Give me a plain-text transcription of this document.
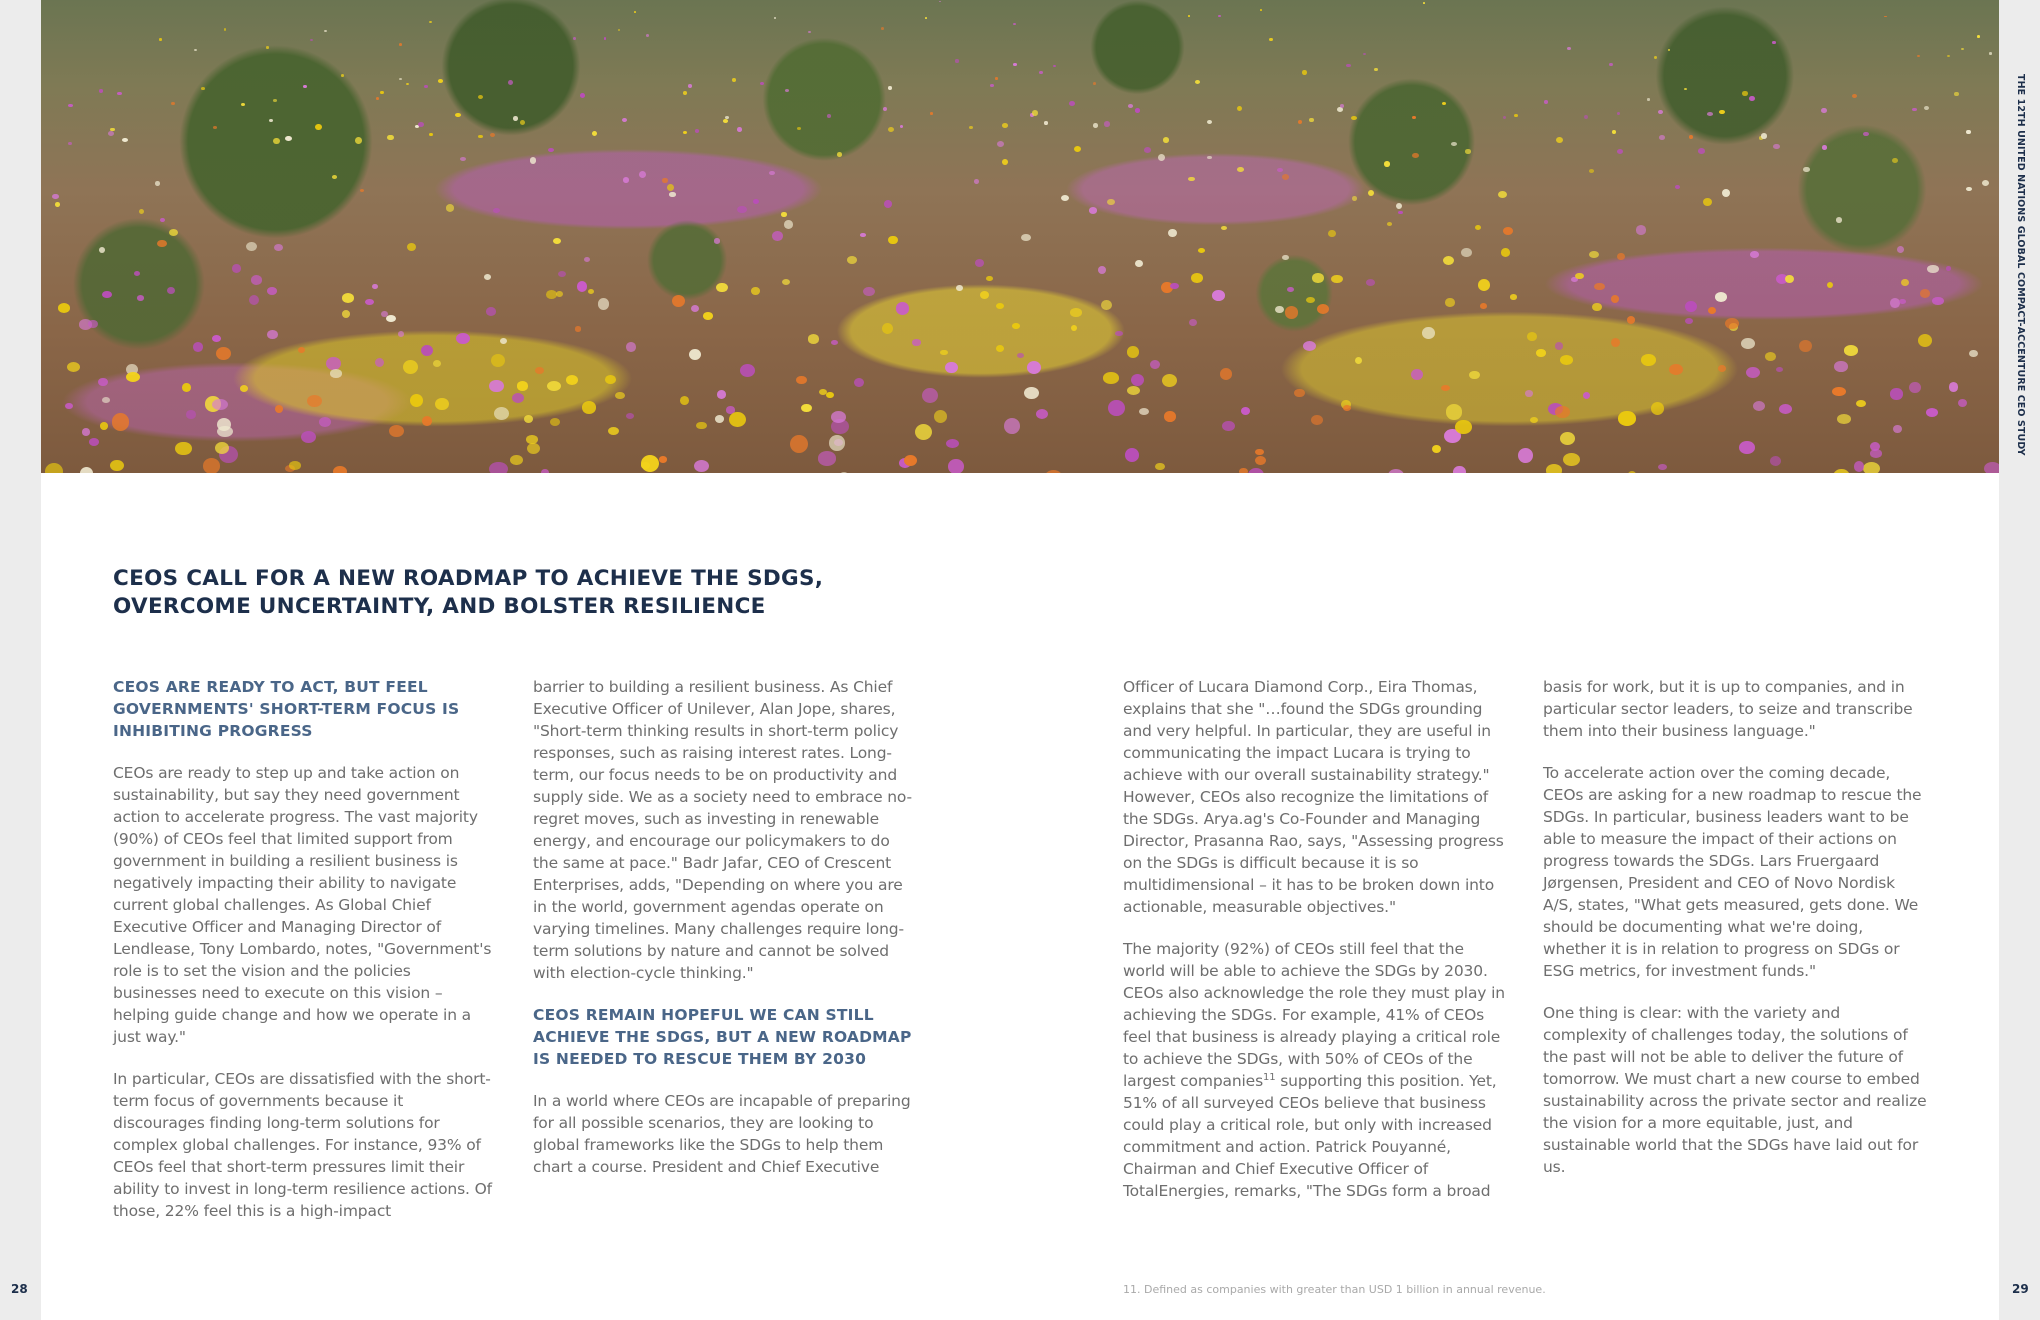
CEOS CALL FOR A NEW ROADMAP TO ACHIEVE THE SDGS,
OVERCOME UNCERTAINTY, AND BOLSTER RESILIENCE
CEOS ARE READY TO ACT, BUT FEEL GOVERNMENTS' SHORT-TERM FOCUS IS INHIBITING PROGRESS

CEOs are ready to step up and take action on sustainability, but say they need government action to accelerate progress. The vast majority (90%) of CEOs feel that limited support from government in building a resilient business is negatively impacting their ability to navigate current global challenges. As Global Chief Executive Officer and Managing Director of Lendlease, Tony Lombardo, notes, "Government's role is to set the vision and the policies businesses need to execute on this vision – helping guide change and how we operate in a just way."

In particular, CEOs are dissatisfied with the short-term focus of governments because it discourages finding long-term solutions for complex global challenges. For instance, 93% of CEOs feel that short-term pressures limit their ability to invest in long-term resilience actions. Of those, 22% feel this is a high-impact

barrier to building a resilient business. As Chief Executive Officer of Unilever, Alan Jope, shares, "Short-term thinking results in short-term policy responses, such as raising interest rates. Long-term, our focus needs to be on productivity and supply side. We as a society need to embrace no-regret moves, such as investing in renewable energy, and encourage our policymakers to do the same at pace." Badr Jafar, CEO of Crescent Enterprises, adds, "Depending on where you are in the world, government agendas operate on varying timelines. Many challenges require long-term solutions by nature and cannot be solved with election-cycle thinking."

CEOS REMAIN HOPEFUL WE CAN STILL ACHIEVE THE SDGS, BUT A NEW ROADMAP IS NEEDED TO RESCUE THEM BY 2030

In a world where CEOs are incapable of preparing for all possible scenarios, they are looking to global frameworks like the SDGs to help them chart a course. President and Chief Executive

Officer of Lucara Diamond Corp., Eira Thomas, explains that she "…found the SDGs grounding and very helpful. In particular, they are useful in communicating the impact Lucara is trying to achieve with our overall sustainability strategy." However, CEOs also recognize the limitations of the SDGs. Arya.ag's Co-Founder and Managing Director, Prasanna Rao, says, "Assessing progress on the SDGs is difficult because it is so multidimensional – it has to be broken down into actionable, measurable objectives."

The majority (92%) of CEOs still feel that the world will be able to achieve the SDGs by 2030. CEOs also acknowledge the role they must play in achieving the SDGs. For example, 41% of CEOs feel that business is already playing a critical role to achieve the SDGs, with 50% of CEOs of the largest companies$^{11}$ supporting this position. Yet, 51% of all surveyed CEOs believe that business could play a critical role, but only with increased commitment and action. Patrick Pouyanné, Chairman and Chief Executive Officer of TotalEnergies, remarks, "The SDGs form a broad

basis for work, but it is up to companies, and in particular sector leaders, to seize and transcribe them into their business language."

To accelerate action over the coming decade, CEOs are asking for a new roadmap to rescue the SDGs. In particular, business leaders want to be able to measure the impact of their actions on progress towards the SDGs. Lars Fruergaard Jørgensen, President and CEO of Novo Nordisk A/S, states, "What gets measured, gets done. We should be documenting what we're doing, whether it is in relation to progress on SDGs or ESG metrics, for investment funds."

One thing is clear: with the variety and complexity of challenges today, the solutions of the past will not be able to deliver the future of tomorrow. We must chart a new course to embed sustainability across the private sector and realize the vision for a more equitable, just, and sustainable world that the SDGs have laid out for us.

11. Defined as companies with greater than USD 1 billion in annual revenue.
28	29
THE 12TH UNITED NATIONS GLOBAL COMPACT-ACCENTURE CEO STUDY
